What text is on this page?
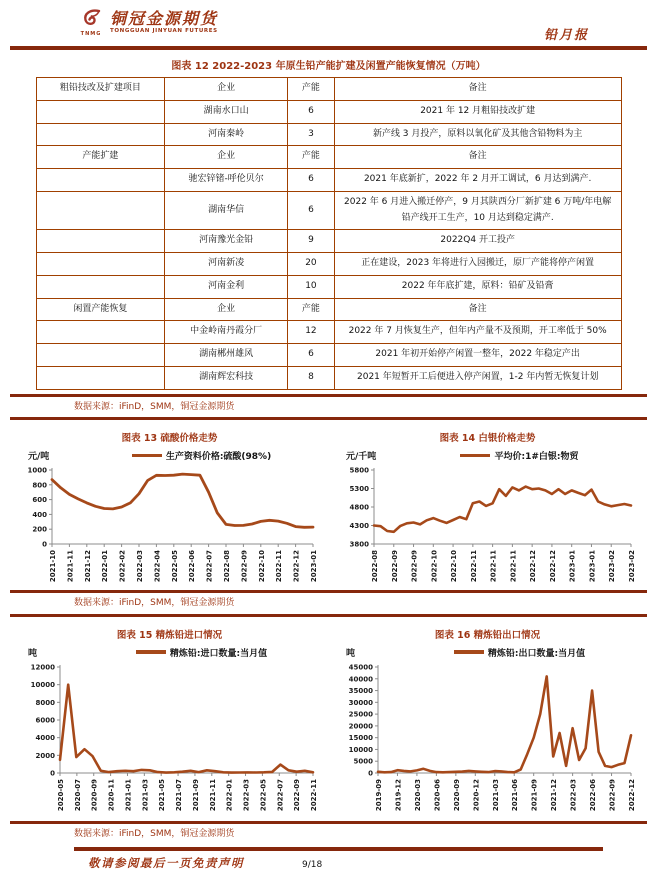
TNMG
铜冠金源期货
TONGGUAN JINYUAN FUTURES	铅月报
图表 12 2022-2023 年原生铅产能扩建及闲置产能恢复情况（万吨）
粗铅技改及扩建项目	企业	产能	备注
	湖南水口山	6	2021 年 12 月粗铅技改扩建
	河南秦岭	3	新产线 3 月投产，原料以氧化矿及其他含铅物料为主
产能扩建	企业	产能	备注
	驰宏锌锗-呼伦贝尔	6	2021 年底新扩，2022 年 2 月开工调试，6 月达到满产.
	湖南华信	6	2022 年 6 月进入搬迁停产，9 月其陕西分厂新扩建 6 万吨/年电解铅产线开工生产，10 月达到稳定满产.
	河南豫光金铅	9	2022Q4 开工投产
	河南新凌	20	正在建设，2023 年将进行入园搬迁，原厂产能将停产闲置
	河南金利	10	2022 年年底扩建，原料：铅矿及铅膏
闲置产能恢复	企业	产能	备注
	中金岭南丹霞分厂	12	2022 年 7 月恢复生产，但年内产量不及预期，开工率低于 50%
	湖南郴州雄风	6	2021 年初开始停产闲置一整年，2022 年稳定产出
	湖南辉宏科技	8	2021 年短暂开工后便进入停产闲置，1-2 年内暂无恢复计划
数据来源：iFinD，SMM，铜冠金源期货
图表 13 硫酸价格走势
元/吨	生产资料价格:硫酸(98%)
0
200
400
600
800
1000
2021-10 2021-11 2021-12 2022-01 2022-02 2022-03 2022-04 2022-05 2022-06 2022-07 2022-08 2022-09 2022-10 2022-11 2022-12 2023-01
图表 14 白银价格走势
元/千吨	平均价:1#白银:物贸
3800
4300
4800
5300
5800
2022-08 2022-09 2022-09 2022-10 2022-10 2022-11 2022-11 2022-11 2022-12 2022-12 2023-01 2023-01 2023-02 2023-02
数据来源：iFinD，SMM，铜冠金源期货
图表 15 精炼铅进口情况
吨	精炼铅:进口数量:当月值
0
2000
4000
6000
8000
10000
12000
2020-05 2020-07 2020-09 2020-11 2021-01 2021-03 2021-05 2021-07 2021-09 2021-11 2022-01 2022-03 2022-05 2022-07 2022-09 2022-11
图表 16 精炼铅出口情况
吨	精炼铅:出口数量:当月值
0
5000
10000
15000
20000
25000
30000
35000
40000
45000
2019-09 2019-12 2020-03 2020-06 2020-09 2020-12 2021-03 2021-06 2021-09 2021-12 2022-03 2022-06 2022-09 2022-12
数据来源：iFinD，SMM，铜冠金源期货
敬请参阅最后一页免责声明	9/18
